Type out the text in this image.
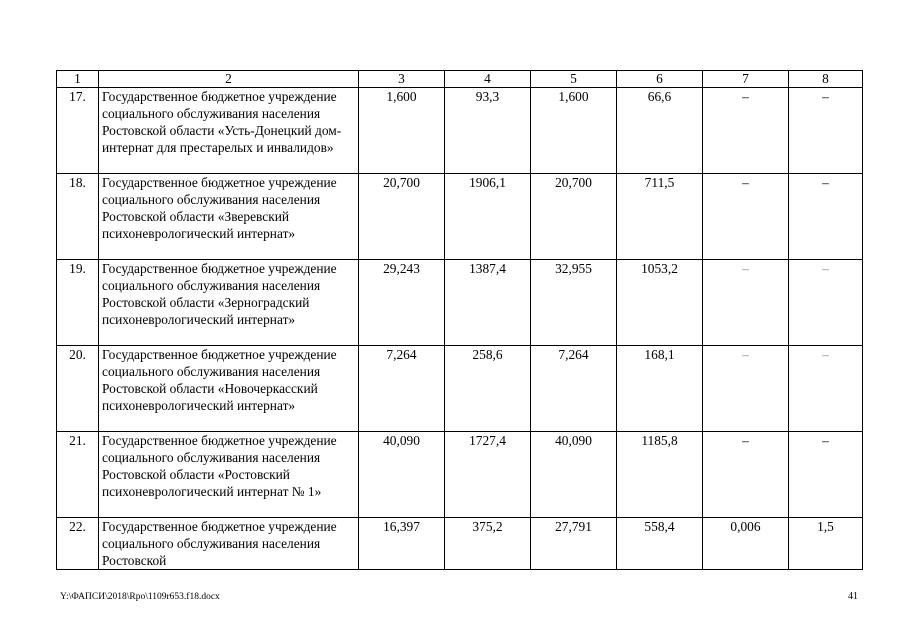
1	2	3	4	5	6	7	8
17.	Государственное бюджетное учреждение социального обслуживания населения Ростовской области «Усть-Донецкий дом-интернат для престарелых и инвалидов»	1,600	93,3	1,600	66,6	–	–
18.	Государственное бюджетное учреждение социального обслуживания населения Ростовской области «Зверевский психоневрологический интернат»	20,700	1906,1	20,700	711,5	–	–
19.	Государственное бюджетное учреждение социального обслуживания населения Ростовской области «Зерноградский психоневрологический интернат»	29,243	1387,4	32,955	1053,2	–	–
20.	Государственное бюджетное учреждение социального обслуживания населения Ростовской области «Новочеркасский психоневрологический интернат»	7,264	258,6	7,264	168,1	–	–
21.	Государственное бюджетное учреждение социального обслуживания населения Ростовской области «Ростовский психоневрологический интернат № 1»	40,090	1727,4	40,090	1185,8	–	–
22.	Государственное бюджетное учреждение социального обслуживания населения Ростовской	16,397	375,2	27,791	558,4	0,006	1,5
Y:\ФАПСИ\2018\Rpo\1109r653.f18.docx	41
